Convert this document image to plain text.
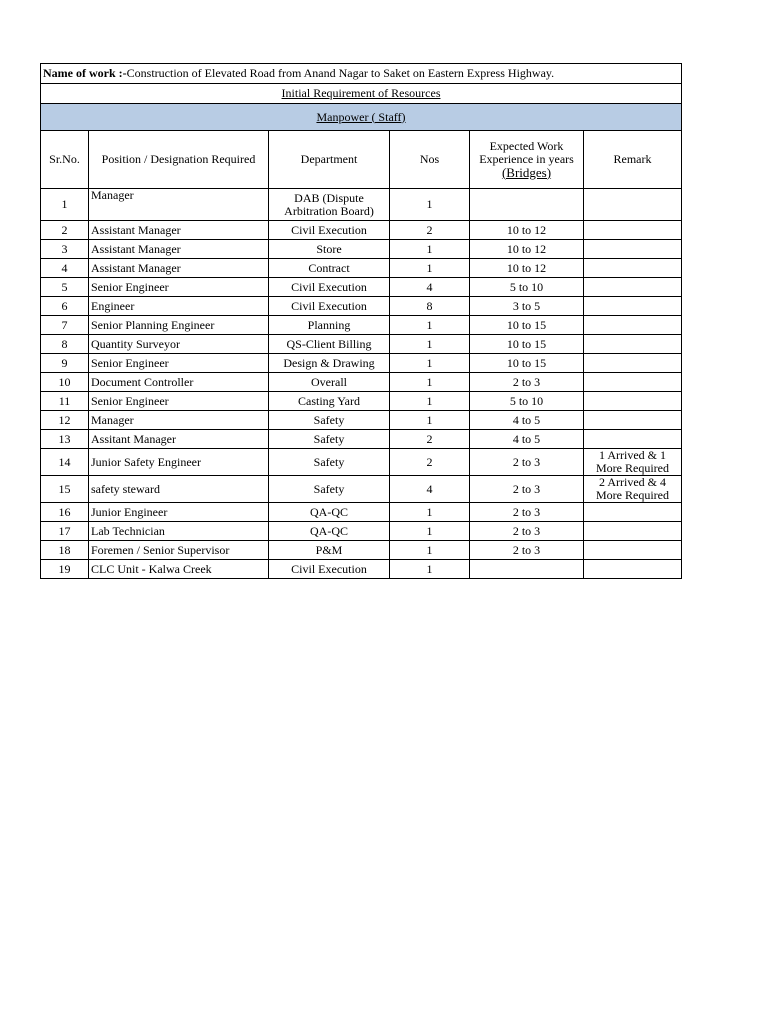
Name of work :-Construction of Elevated Road from Anand Nagar to Saket on Eastern Express Highway.					
Initial Requirement of Resources					
Manpower ( Staff)					
Sr.No.	Position / Designation Required	Department	Nos	Expected Work Experience in years (Bridges)	Remark
1	Manager	DAB (Dispute Arbitration Board)	1		
2	Assistant Manager	Civil Execution	2	10 to 12	
3	Assistant Manager	Store	1	10 to 12	
4	Assistant Manager	Contract	1	10 to 12	
5	Senior Engineer	Civil Execution	4	5 to 10	
6	Engineer	Civil Execution	8	3 to 5	
7	Senior Planning Engineer	Planning	1	10 to 15	
8	Quantity Surveyor	QS-Client Billing	1	10 to 15	
9	Senior Engineer	Design & Drawing	1	10 to 15	
10	Document Controller	Overall	1	2 to 3	
11	Senior Engineer	Casting Yard	1	5 to 10	
12	Manager	Safety	1	4 to 5	
13	Assitant Manager	Safety	2	4 to 5	
14	Junior Safety Engineer	Safety	2	2 to 3	1 Arrived & 1 More Required
15	safety steward	Safety	4	2 to 3	2 Arrived & 4 More Required
16	Junior Engineer	QA-QC	1	2 to 3	
17	Lab Technician	QA-QC	1	2 to 3	
18	Foremen / Senior Supervisor	P&M	1	2 to 3	
19	CLC Unit - Kalwa Creek	Civil Execution	1		
